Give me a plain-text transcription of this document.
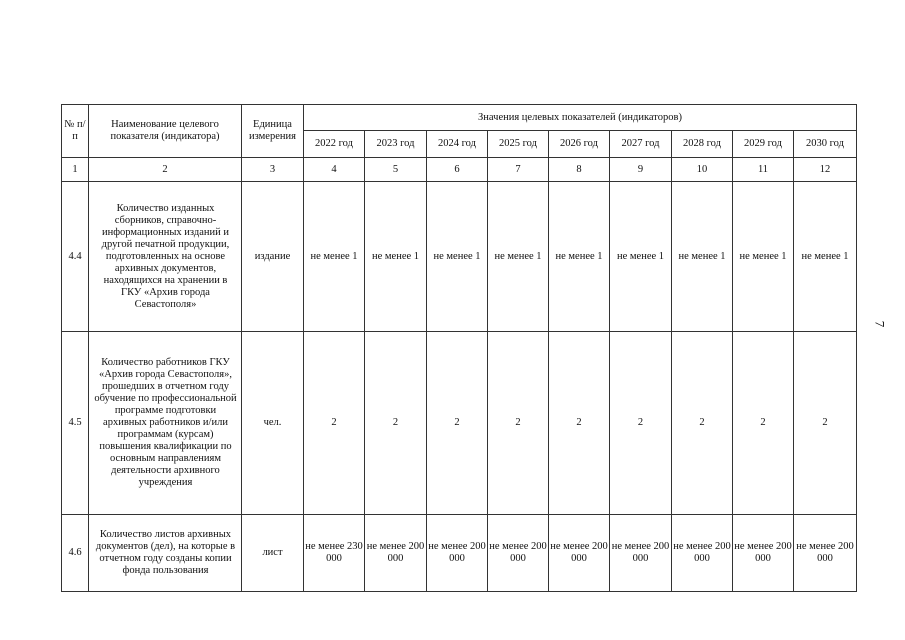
№ п/п	Наименование целевого показателя (индикатора)	Единица измерения	Значения целевых показателей (индикаторов)								
			2022 год	2023 год	2024 год	2025 год	2026 год	2027 год	2028 год	2029 год	2030 год
1	2	3	4	5	6	7	8	9	10	11	12
4.4	Количество изданных сборников, справочно-информационных изданий и другой печатной продукции, подготовленных на основе архивных документов, находящихся на хранении в ГКУ «Архив города Севастополя»	издание	не менее 1	не менее 1	не менее 1	не менее 1	не менее 1	не менее 1	не менее 1	не менее 1	не менее 1
4.5	Количество работников ГКУ «Архив города Севастополя», прошедших в отчетном году обучение по профессиональной программе подготовки архивных работников и/или программам (курсам) повышения квалификации по основным направлениям деятельности архивного учреждения	чел.	2	2	2	2	2	2	2	2	2
4.6	Количество листов архивных документов (дел), на которые в отчетном году созданы копии фонда пользования	лист	не менее 230 000	не менее 200 000	не менее 200 000	не менее 200 000	не менее 200 000	не менее 200 000	не менее 200 000	не менее 200 000	не менее 200 000
7
